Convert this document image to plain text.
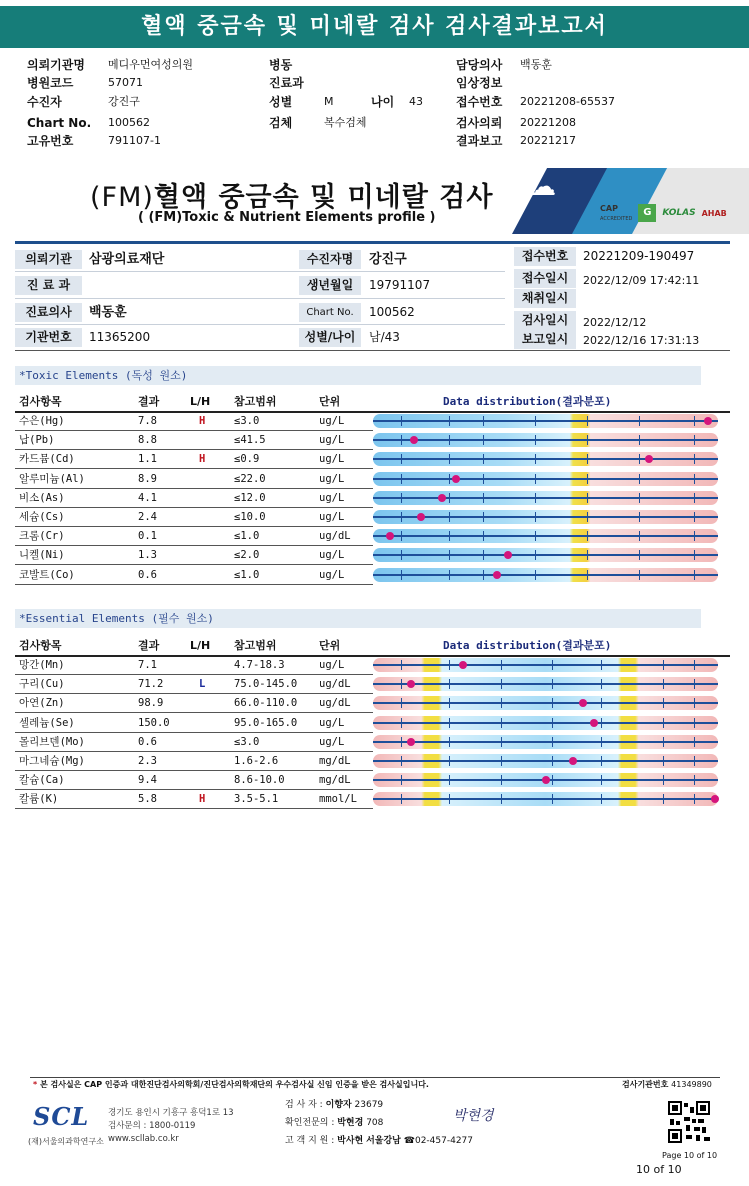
혈액 중금속 및 미네랄 검사 검사결과보고서
의뢰기관명 메디우먼여성의원
병원코드	57071
수진자	강진구
Chart No. 100562
고유번호	791107-1
병동
진료과
성별	M	나이 43
검체	복수검체
담당의사 백동훈
임상정보
접수번호 20221208-65537
검사의뢰 20221208
결과보고 20221217
(FM)혈액 중금속 및 미네랄 검사
( (FM)Toxic & Nutrient Elements profile )
☁
CAP
ACCREDITED
G	KOLAS AHAB
의뢰기관	삼광의료재단
진 료 과
진료의사	백동훈
기관번호	11365200
수진자명	강진구
생년월일	19791107
Chart No.	100562
성별/나이	남/43
접수번호	20221209-190497
접수일시	2022/12/09 17:42:11
채취일시
검사일시	2022/12/12
보고일시	2022/12/16 17:31:13
*Toxic Elements (독성 원소)
검사항목	결과	L/H 참고범위	단위	Data distribution(결과분포)
수은(Hg)	7.8	H	≤3.0	ug/L
납(Pb)	8.8	≤41.5	ug/L
카드뮴(Cd)	1.1	H	≤0.9	ug/L
알루미늄(Al)	8.9	≤22.0	ug/L
비소(As)	4.1	≤12.0	ug/L
세슘(Cs)	2.4	≤10.0	ug/L
크롬(Cr)	0.1	≤1.0	ug/dL
니켈(Ni)	1.3	≤2.0	ug/L
코발트(Co)	0.6	≤1.0	ug/L
*Essential Elements (필수 원소)
검사항목	결과	L/H 참고범위	단위	Data distribution(결과분포)
망간(Mn)	7.1	4.7-18.3	ug/L
구리(Cu)	71.2	L	75.0-145.0 ug/dL
아연(Zn)	98.9	66.0-110.0 ug/dL
셀레늄(Se)	150.0	95.0-165.0 ug/L
몰리브덴(Mo)	0.6	≤3.0	ug/L
마그네슘(Mg)	2.3	1.6-2.6	mg/dL
칼슘(Ca)	9.4	8.6-10.0	mg/dL
칼륨(K)	5.8	H	3.5-5.1	mmol/L
* 본 검사실은 CAP 인증과 대한진단검사의학회/진단검사의학재단의 우수검사실 신임 인증을 받은 검사실입니다.	검사기관번호 41349890
SCL
(재)서울의과학연구소
경기도 용인시 기흥구 흥덕1로 13
검사문의 : 1800-0119
www.scllab.co.kr
검 사 자 : 이향자 23679
확인전문의 : 박현경 708
고 객 지 원 : 박사현 서울강남 ☎02-457-4277
박현경
Page 10 of 10
10 of 10
